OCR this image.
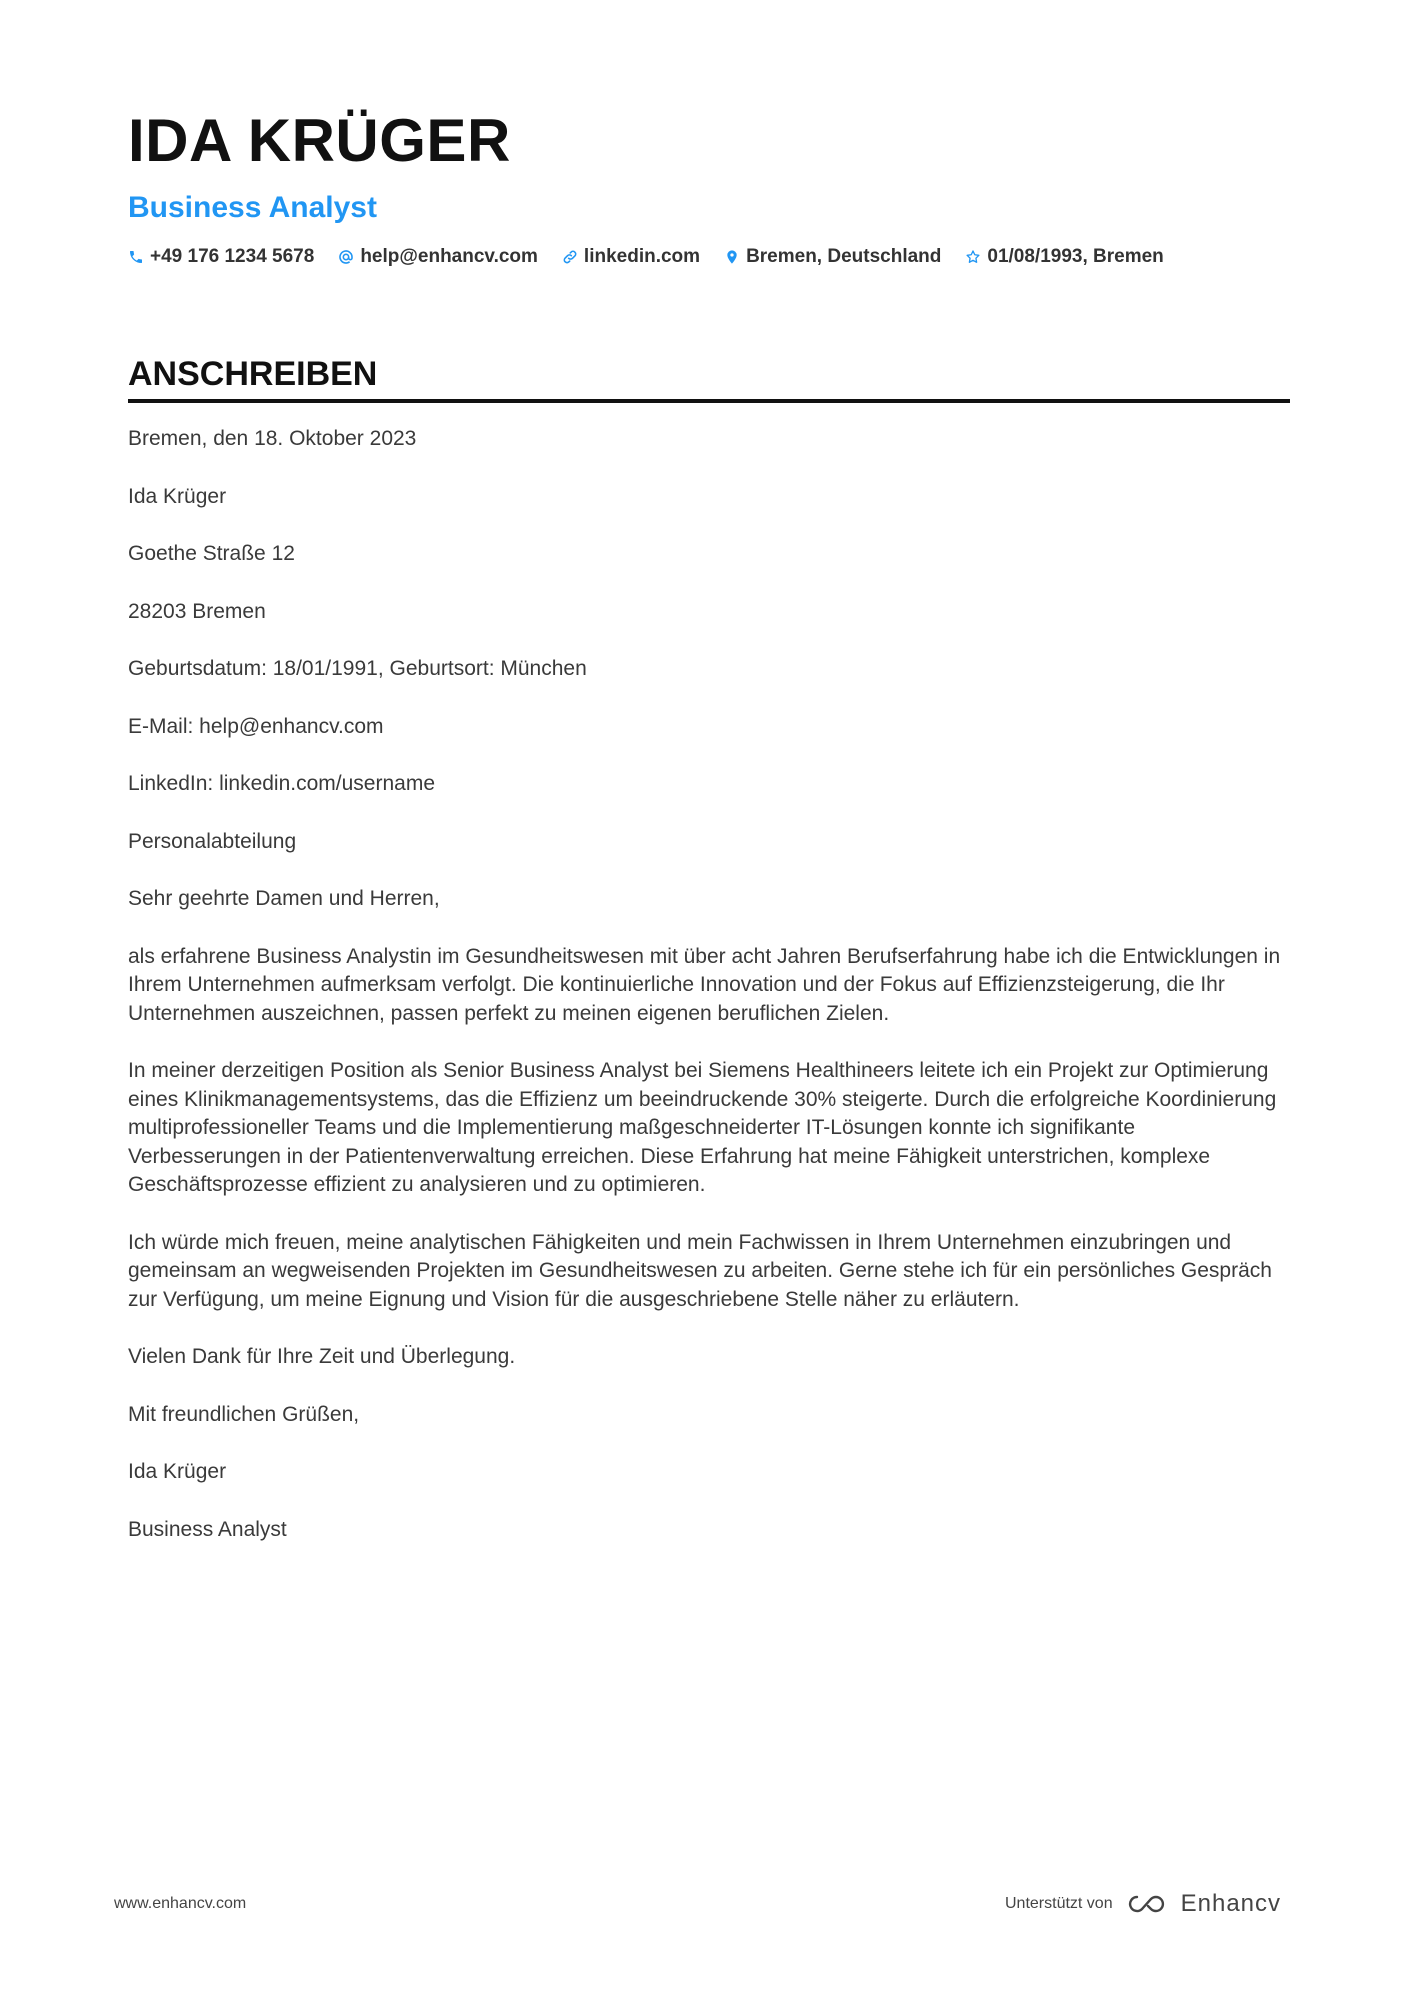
IDA KRÜGER
Business Analyst
+49 176 1234 5678 help@enhancv.com linkedin.com Bremen, Deutschland 01/08/1993, Bremen
ANSCHREIBEN

Bremen, den 18. Oktober 2023

Ida Krüger

Goethe Straße 12

28203 Bremen

Geburtsdatum: 18/01/1991, Geburtsort: München

E-Mail: help@enhancv.com

LinkedIn: linkedin.com/username

Personalabteilung

Sehr geehrte Damen und Herren,

als erfahrene Business Analystin im Gesundheitswesen mit über acht Jahren Berufserfahrung habe ich die Entwicklungen in Ihrem Unternehmen aufmerksam verfolgt. Die kontinuierliche Innovation und der Fokus auf Effizienzsteigerung, die Ihr Unternehmen auszeichnen, passen perfekt zu meinen eigenen beruflichen Zielen.

In meiner derzeitigen Position als Senior Business Analyst bei Siemens Healthineers leitete ich ein Projekt zur Optimierung eines Klinikmanagementsystems, das die Effizienz um beeindruckende 30% steigerte. Durch die erfolgreiche Koordinierung multiprofessioneller Teams und die Implementierung maßgeschneiderter IT-Lösungen konnte ich signifikante Verbesserungen in der Patientenverwaltung erreichen. Diese Erfahrung hat meine Fähigkeit unterstrichen, komplexe Geschäftsprozesse effizient zu analysieren und zu optimieren.

Ich würde mich freuen, meine analytischen Fähigkeiten und mein Fachwissen in Ihrem Unternehmen einzubringen und gemeinsam an wegweisenden Projekten im Gesundheitswesen zu arbeiten. Gerne stehe ich für ein persönliches Gespräch zur Verfügung, um meine Eignung und Vision für die ausgeschriebene Stelle näher zu erläutern.

Vielen Dank für Ihre Zeit und Überlegung.

Mit freundlichen Grüßen,

Ida Krüger

Business Analyst

www.enhancv.com	Unterstützt von	Enhancv
